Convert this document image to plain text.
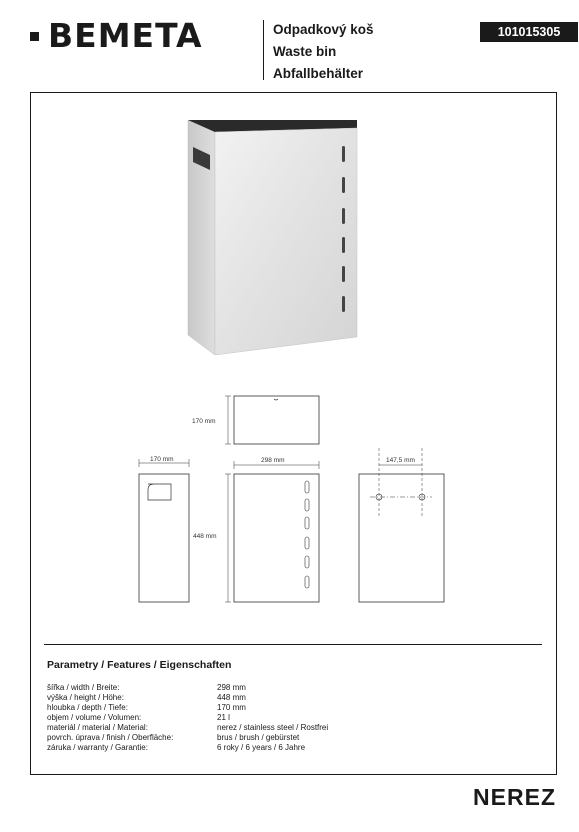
BEMETA	Odpadkový koš
Waste bin
Abfallbehälter
101015305
170 mm
170 mm	298 mm
448 mm
147,5 mm
Parametry / Features / Eigenschaften
šířka / width / Breite:	298 mm
výška / height / Höhe:	448 mm
hloubka / depth / Tiefe:	170 mm
objem / volume / Volumen:	21 l
materiál / material / Material:	nerez / stainless steel / Rostfrei
povrch. úprava / finish / Oberfläche:	brus / brush / gebürstet
záruka / warranty / Garantie:	6 roky / 6 years / 6 Jahre
NEREZ
